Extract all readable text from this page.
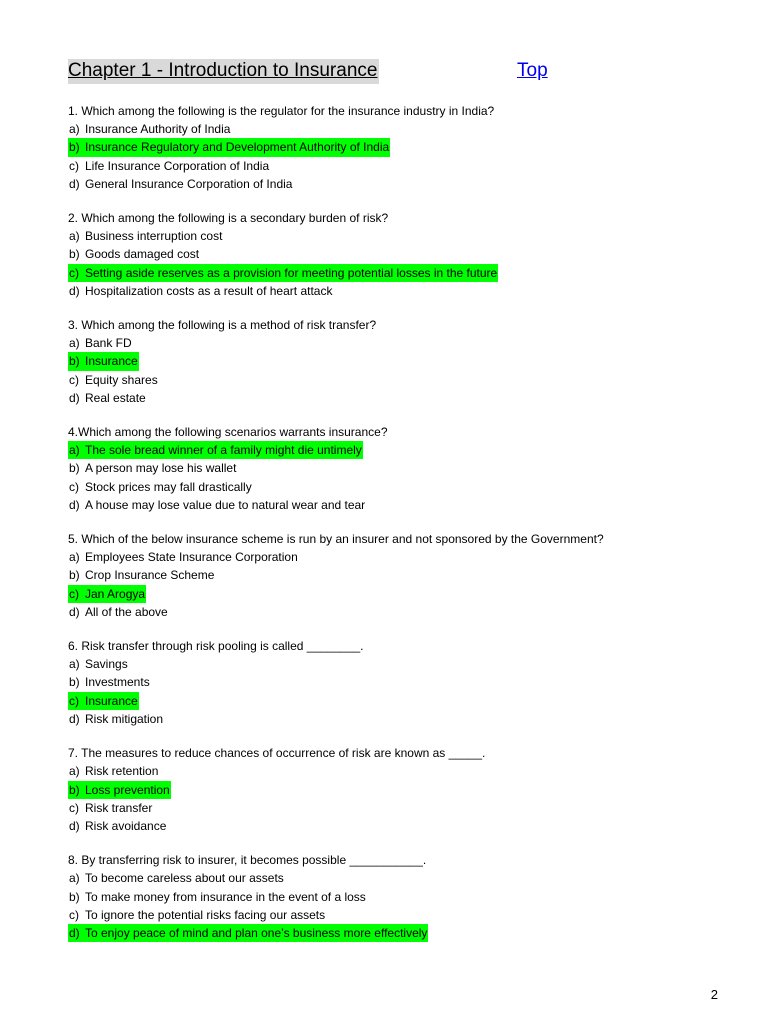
Chapter 1 - Introduction to Insurance	Top
1. Which among the following is the regulator for the insurance industry in India?
a) Insurance Authority of India
b) Insurance Regulatory and Development Authority of India
c) Life Insurance Corporation of India
d) General Insurance Corporation of India
2. Which among the following is a secondary burden of risk?
a) Business interruption cost
b) Goods damaged cost
c) Setting aside reserves as a provision for meeting potential losses in the future
d) Hospitalization costs as a result of heart attack
3. Which among the following is a method of risk transfer?
a) Bank FD
b) Insurance
c) Equity shares
d) Real estate
4.Which among the following scenarios warrants insurance?
a) The sole bread winner of a family might die untimely
b) A person may lose his wallet
c) Stock prices may fall drastically
d) A house may lose value due to natural wear and tear
5. Which of the below insurance scheme is run by an insurer and not sponsored by the Government?
a) Employees State Insurance Corporation
b) Crop Insurance Scheme
c) Jan Arogya
d) All of the above
6. Risk transfer through risk pooling is called ________.
a) Savings
b) Investments
c) Insurance
d) Risk mitigation
7. The measures to reduce chances of occurrence of risk are known as _____.
a) Risk retention
b) Loss prevention
c) Risk transfer
d) Risk avoidance
8. By transferring risk to insurer, it becomes possible ___________.
a) To become careless about our assets
b) To make money from insurance in the event of a loss
c) To ignore the potential risks facing our assets
d) To enjoy peace of mind and plan one’s business more effectively
2
